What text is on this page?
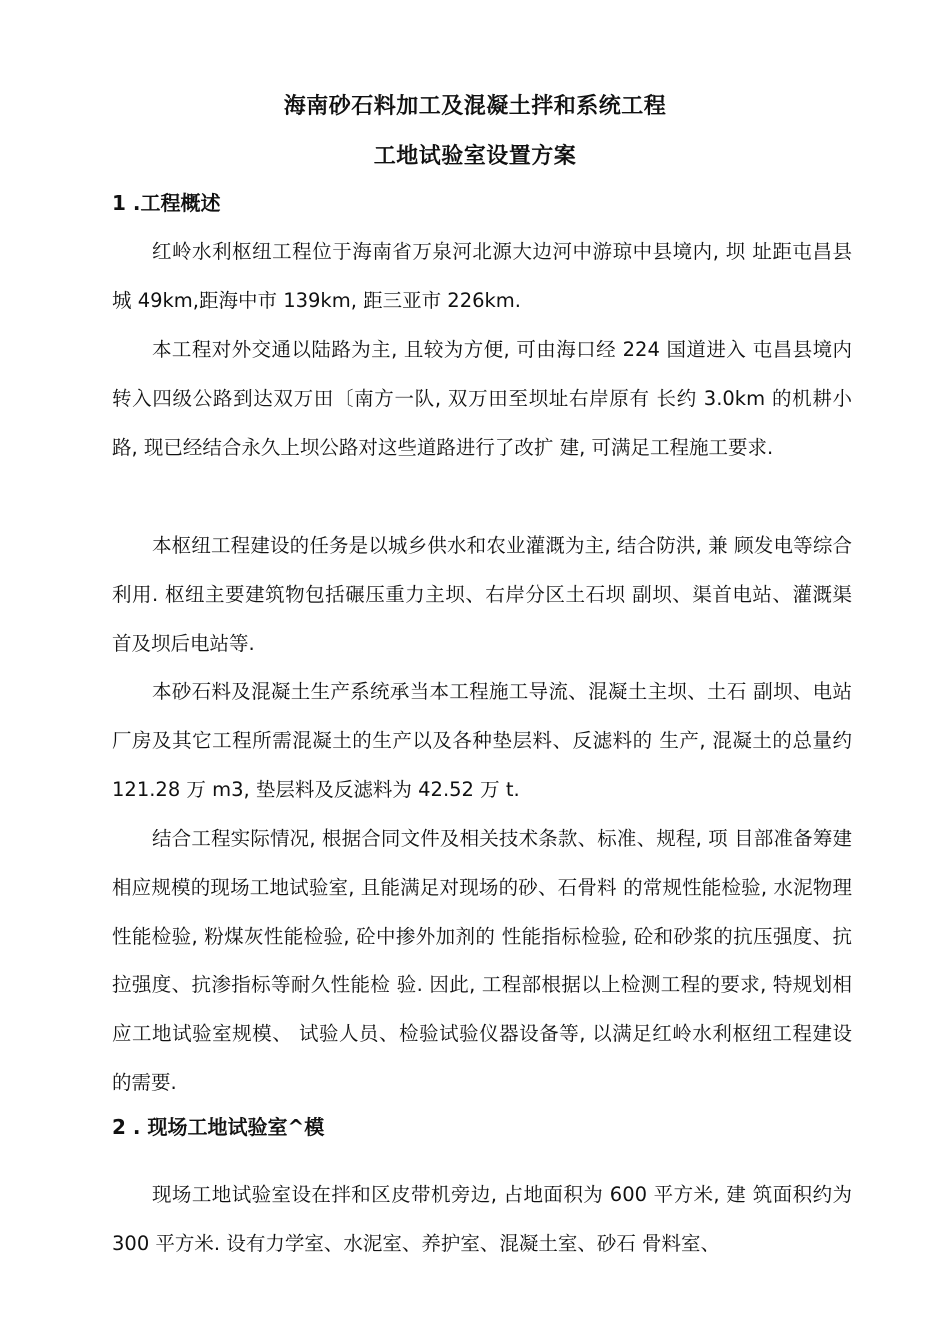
海南砂石料加工及混凝土拌和系统工程
工地试验室设置方案
1 .工程概述

红岭水利枢纽工程位于海南省万泉河北源大边河中游琼中县境内, 坝 址距屯昌县城 49km,距海中市 139km, 距三亚市 226km.

本工程对外交通以陆路为主, 且较为方便, 可由海口经 224 国道进入 屯昌县境内转入四级公路到达双万田〔南方一队, 双万田至坝址右岸原有 长约 3.0km 的机耕小路, 现已经结合永久上坝公路对这些道路进行了改扩 建, 可满足工程施工要求.

本枢纽工程建设的任务是以城乡供水和农业灌溉为主, 结合防洪, 兼 顾发电等综合利用. 枢纽主要建筑物包括碾压重力主坝、右岸分区土石坝 副坝、渠首电站、灌溉渠首及坝后电站等.

本砂石料及混凝土生产系统承当本工程施工导流、混凝土主坝、土石 副坝、电站厂房及其它工程所需混凝土的生产以及各种垫层料、反滤料的 生产, 混凝土的总量约 121.28 万 m3, 垫层料及反滤料为 42.52 万 t.

结合工程实际情况, 根据合同文件及相关技术条款、标准、规程, 项 目部准备筹建相应规模的现场工地试验室, 且能满足对现场的砂、石骨料 的常规性能检验, 水泥物理性能检验, 粉煤灰性能检验, 砼中掺外加剂的 性能指标检验, 砼和砂浆的抗压强度、抗拉强度、抗渗指标等耐久性能检 验. 因此, 工程部根据以上检测工程的要求, 特规划相应工地试验室规模、 试验人员、检验试验仪器设备等, 以满足红岭水利枢纽工程建设的需要.

2 . 现场工地试验室^模

现场工地试验室设在拌和区皮带机旁边, 占地面积为 600 平方米, 建 筑面积约为 300 平方米. 设有力学室、水泥室、养护室、混凝土室、砂石 骨料室、
